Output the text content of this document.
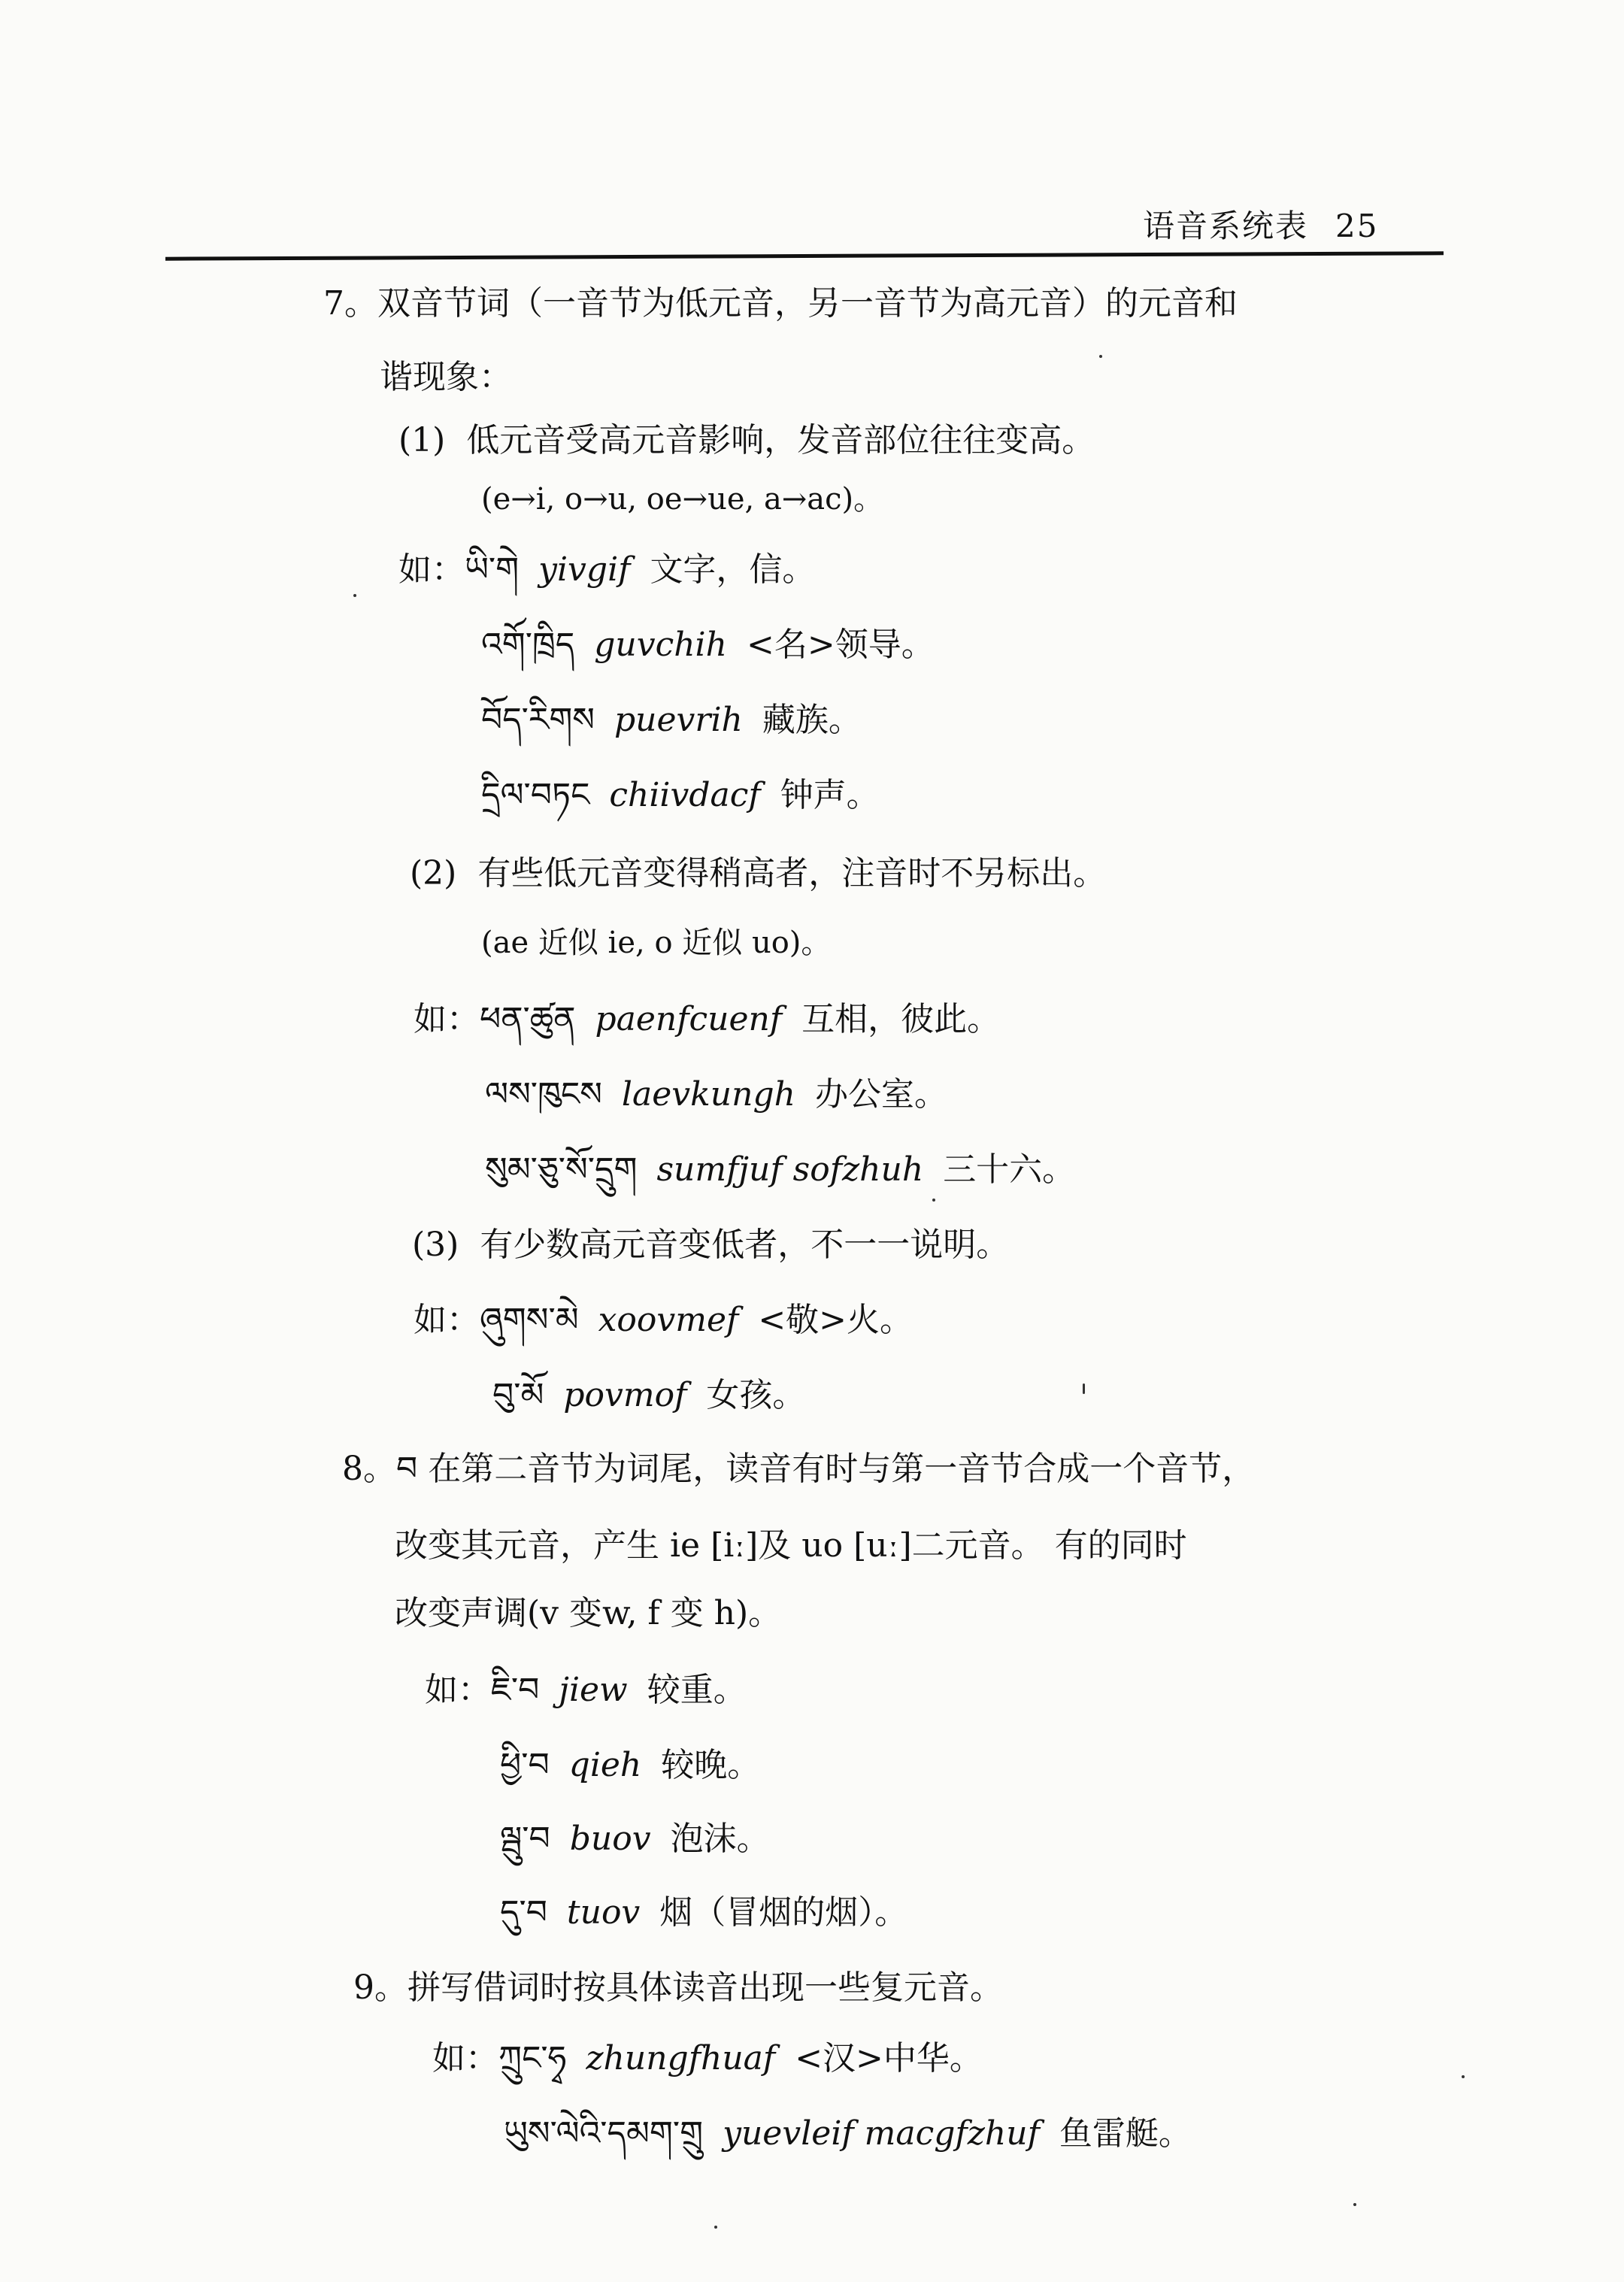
语音系统表 25
7。双音节词（一音节为低元音，另一音节为高元音）的元音和
谐现象：
(1) 低元音受高元音影响，发音部位往往变高。
(e→i, o→u, oe→ue, a→ac)。
如：ཡི་གེ yivgif 文字，信。
འགོ་ཁྲིད guvchih <名>领导。
བོད་རིགས puevrih 藏族。
དྲིལ་བཏང chiivdacf 钟声。
(2) 有些低元音变得稍高者，注音时不另标出。
(ae 近似 ie, o 近似 uo)。
如：ཕན་ཚུན paenfcuenf 互相，彼此。
ལས་ཁུངས laevkungh 办公室。
སུམ་ཅུ་སོ་དྲུག sumfjuf sofzhuh 三十六。
(3) 有少数高元音变低者，不一一说明。
如：ཞུགས་མེ xoovmef <敬>火。
བུ་མོ povmof 女孩。
8。བ 在第二音节为词尾，读音有时与第一音节合成一个音节，
改变其元音，产生 ie [iː]及 uo [uː]二元音。 有的同时
改变声调(v 变w, f 变 h)。
如：ཇི་བ jiew 较重。
ཕྱི་བ qieh 较晚。
ལྦུ་བ buov 泡沫。
དུ་བ tuov 烟（冒烟的烟）。
9。拼写借词时按具体读音出现一些复元音。
如：ཀྲུང་ཧྭ zhungfhuaf <汉>中华。
ཡུས་ལེའི་དམག་གྲུ yuevleif macgfzhuf 鱼雷艇。
